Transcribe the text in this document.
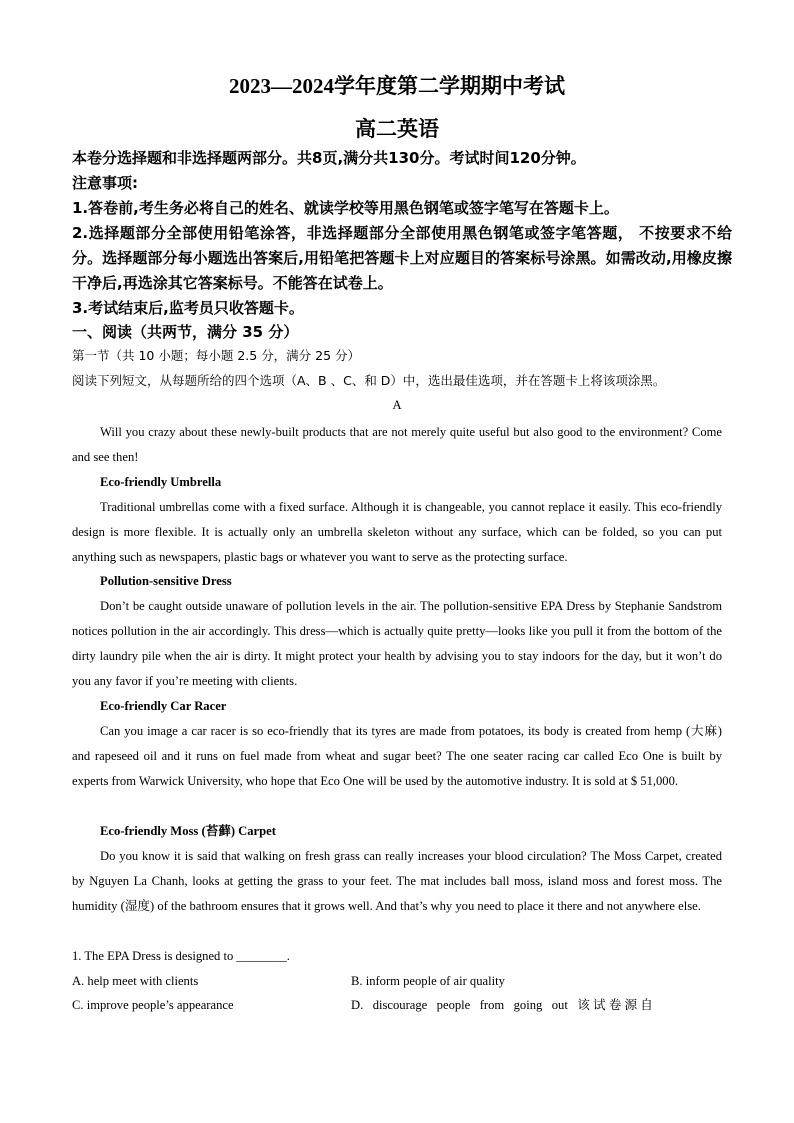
2023—2024学年度第二学期期中考试
高二英语
本卷分选择题和非选择题两部分。共8页,满分共130分。考试时间120分钟。
注意事项:
1.答卷前,考生务必将自己的姓名、就读学校等用黑色钢笔或签字笔写在答题卡上。
2.选择题部分全部使用铅笔涂答，非选择题部分全部使用黑色钢笔或签字笔答题， 不按要求不给分。选择题部分每小题选出答案后,用铅笔把答题卡上对应题目的答案标号涂黑。如需改动,用橡皮擦干净后,再选涂其它答案标号。不能答在试卷上。
3.考试结束后,监考员只收答题卡。
一、阅读（共两节，满分 35 分）
第一节（共 10 小题；每小题 2.5 分，满分 25 分）
阅读下列短文，从每题所给的四个选项（A、B 、C、和 D）中，选出最佳选项，并在答题卡上将该项涂黑。
A
Will you crazy about these newly-built products that are not merely quite useful but also good to the environment? Come and see then!
Eco-friendly Umbrella
Traditional umbrellas come with a fixed surface. Although it is changeable, you cannot replace it easily. This eco-friendly design is more flexible. It is actually only an umbrella skeleton without any surface, which can be folded, so you can put anything such as newspapers, plastic bags or whatever you want to serve as the protecting surface.
Pollution-sensitive Dress
Don’t be caught outside unaware of pollution levels in the air. The pollution-sensitive EPA Dress by Stephanie Sandstrom notices pollution in the air accordingly. This dress—which is actually quite pretty—looks like you pull it from the bottom of the dirty laundry pile when the air is dirty. It might protect your health by advising you to stay indoors for the day, but it won’t do you any favor if you’re meeting with clients.
Eco-friendly Car Racer
Can you image a car racer is so eco-friendly that its tyres are made from potatoes, its body is created from hemp (大麻) and rapeseed oil and it runs on fuel made from wheat and sugar beet? The one seater racing car called Eco One is built by experts from Warwick University, who hope that Eco One will be used by the automotive industry. It is sold at $ 51,000.
Eco-friendly Moss (苔藓) Carpet
Do you know it is said that walking on fresh grass can really increases your blood circulation? The Moss Carpet, created by Nguyen La Chanh, looks at getting the grass to your feet. The mat includes ball moss, island moss and forest moss. The humidity (湿度) of the bathroom ensures that it grows well. And that’s why you need to place it there and not anywhere else.
1. The EPA Dress is designed to ________.
A. help meet with clients	B. inform people of air quality
C. improve people’s appearance	D.   discourage   people   from   going   out   该 试 卷 源 自
